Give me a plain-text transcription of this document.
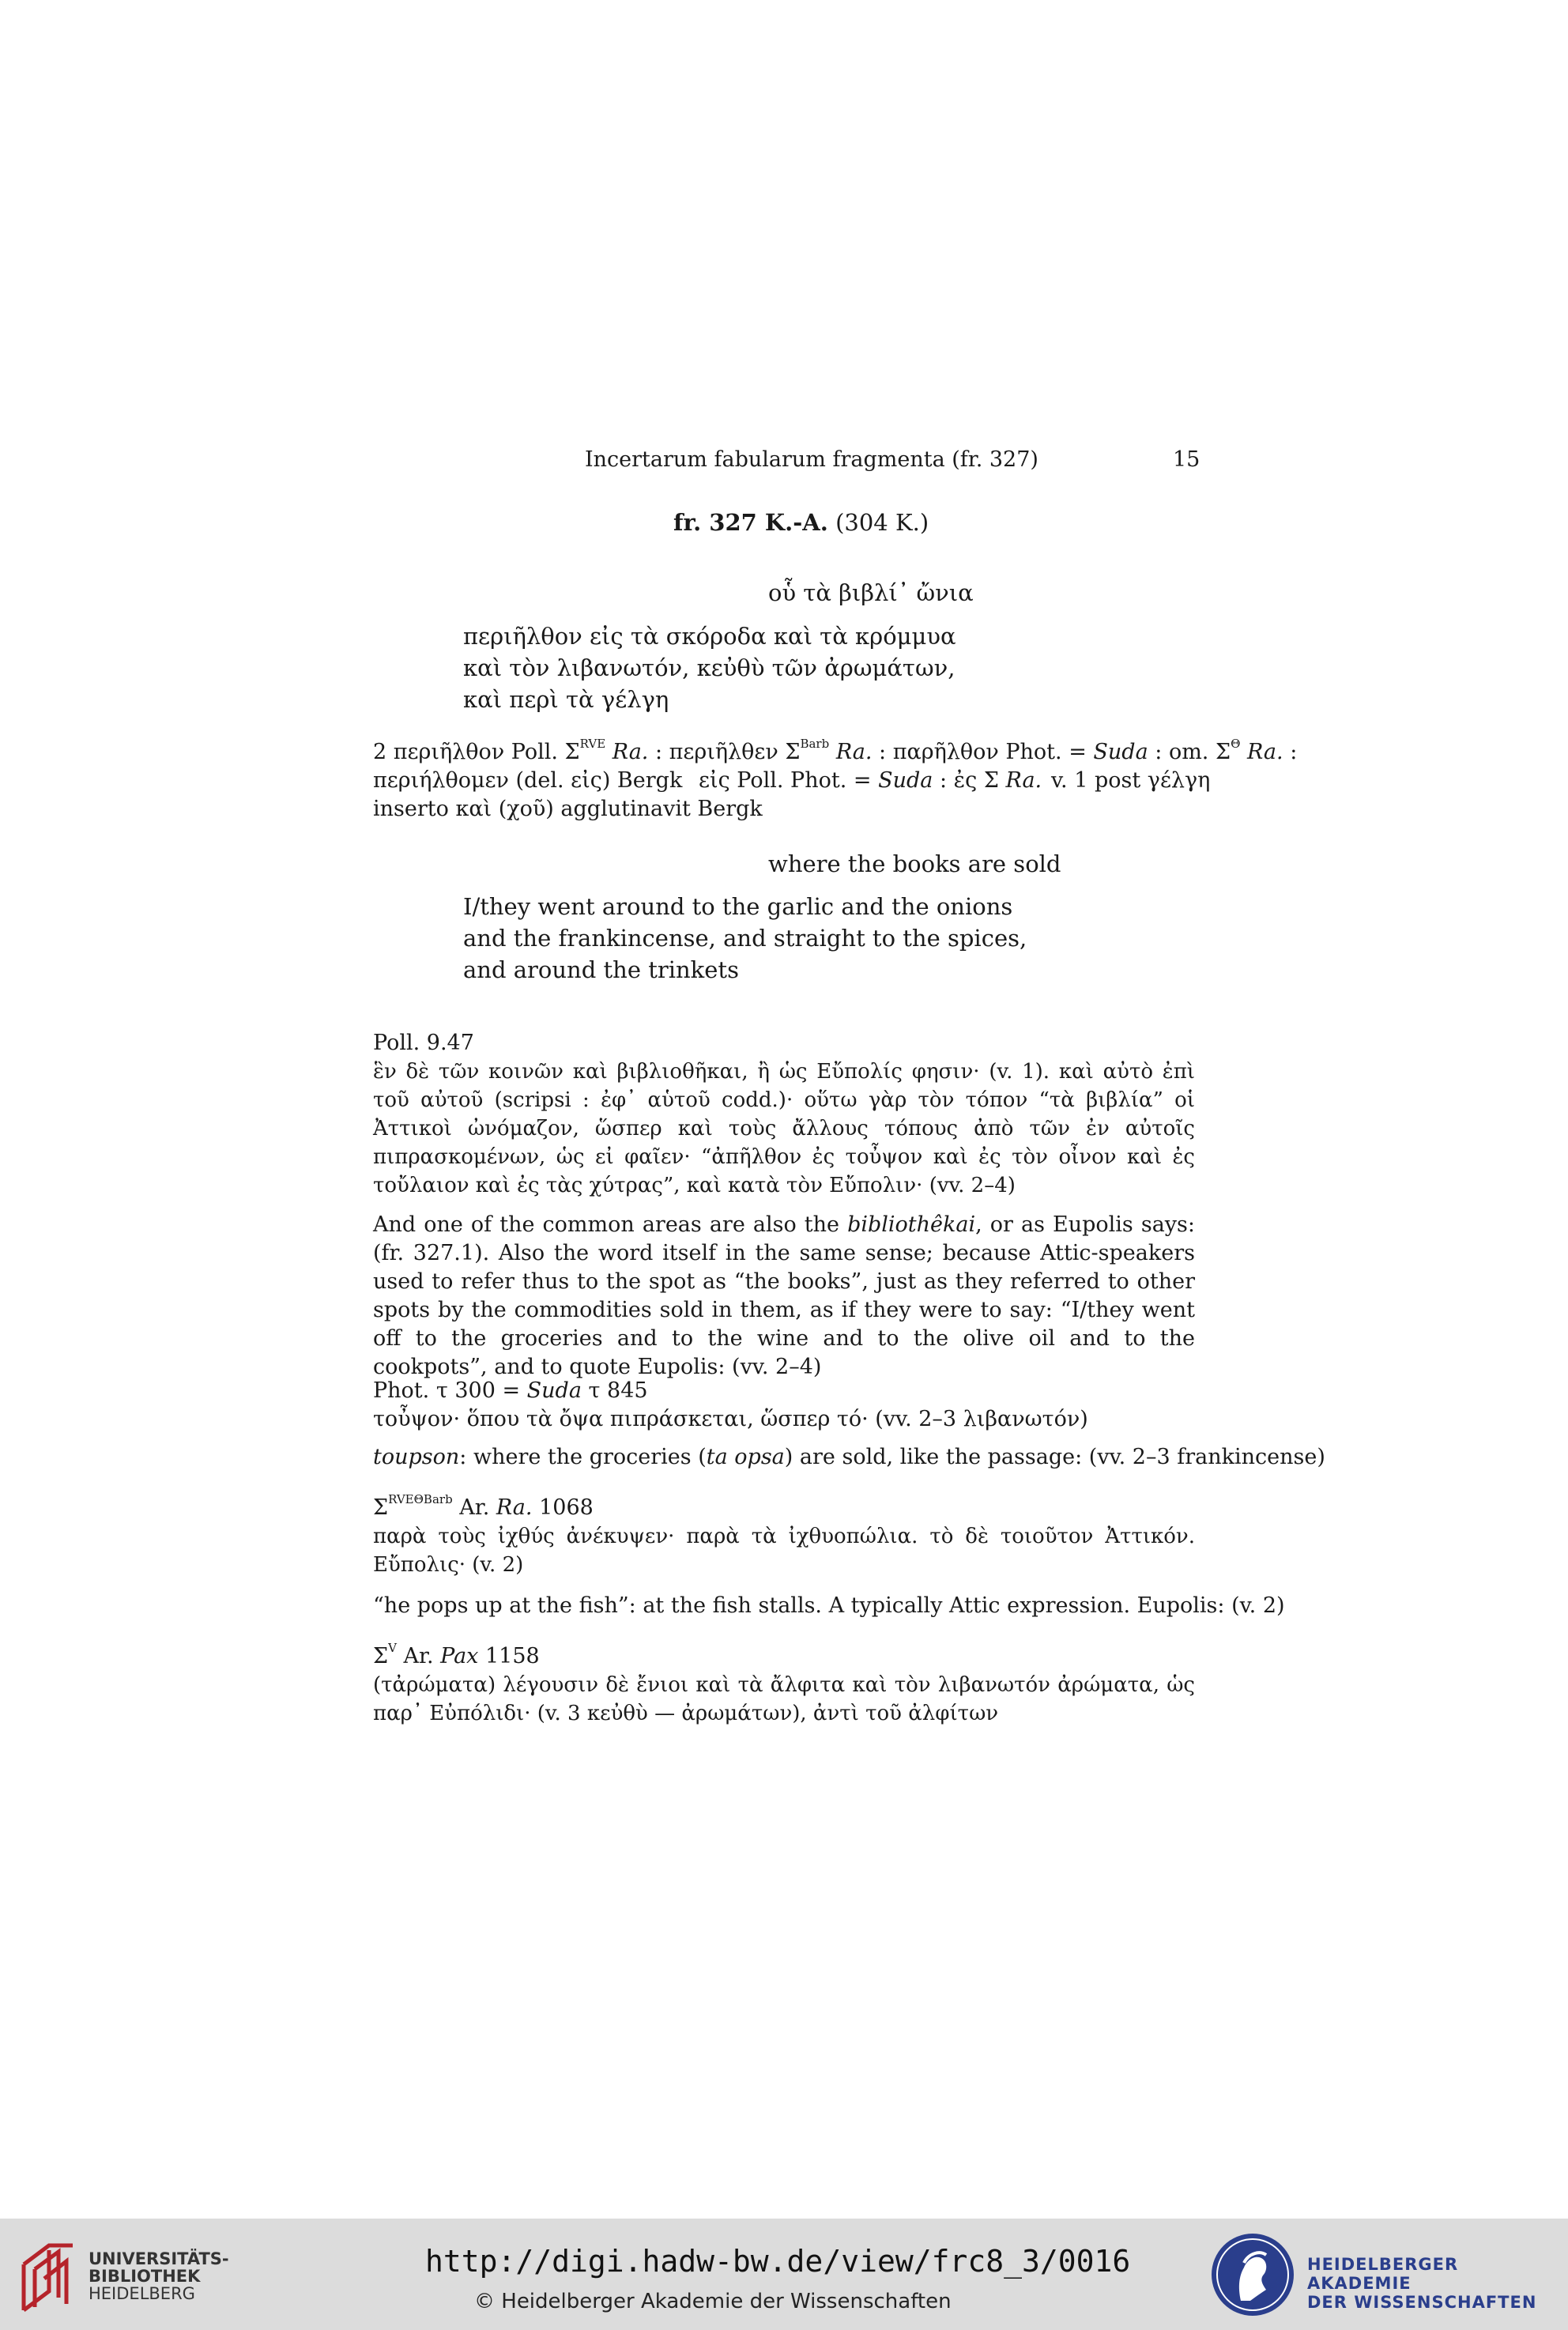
Incertarum fabularum fragmenta (fr. 327)	15
fr. 327 K.-A. (304 K.)
οὗ τὰ βιβλί᾽ ὤνια
περιῆλθον εἰς τὰ σκόροδα καὶ τὰ κρόμμυα
καὶ τὸν λιβανωτόν, κεὐθὺ τῶν ἀρωμάτων,
καὶ περὶ τὰ γέλγη
2 περιῆλθον Poll. $\Sigma^{RVE}$ Ra. : περιῆλθεν $\Sigma^{Barb}$ Ra. : παρῆλθον Phot. = Suda : om. $\Sigma^\Theta$ Ra. :
περιήλθομεν (del. εἰς) Bergk εἰς Poll. Phot. = Suda : ἐς Σ Ra. v. 1 post γέλγη
inserto καὶ (χοῦ) agglutinavit Bergk
where the books are sold
I/they went around to the garlic and the onions
and the frankincense, and straight to the spices,
and around the trinkets
Poll. 9.47
ἓν δὲ τῶν κοινῶν καὶ βιβλιοθῆκαι, ἢ ὡς Εὔπολίς φησιν· (v. 1). καὶ αὐτὸ ἐπὶ τοῦ αὐτοῦ (scripsi : ἐφ᾽ αὑτοῦ codd.)· οὕτω γὰρ τὸν τόπον “τὰ βιβλία” οἱ Ἀττικοὶ ὠνόμαζον, ὥσπερ καὶ τοὺς ἄλλους τόπους ἀπὸ τῶν ἐν αὐτοῖς πιπρασκομένων, ὡς εἰ φαῖεν· “ἀπῆλθον ἐς τοὖψον καὶ ἐς τὸν οἶνον καὶ ἐς τοὔλαιον καὶ ἐς τὰς χύτρας”, καὶ κατὰ τὸν Εὔπολιν· (vv. 2–4)
And one of the common areas are also the bibliothêkai, or as Eupolis says: (fr. 327.1). Also the word itself in the same sense; because Attic-speakers used to refer thus to the spot as “the books”, just as they referred to other spots by the commodities sold in them, as if they were to say: “I/they went off to the groceries and to the wine and to the olive oil and to the cookpots”, and to quote Eupolis: (vv. 2–4)
Phot. τ 300 = Suda τ 845
τοὖψον· ὅπου τὰ ὄψα πιπράσκεται, ὥσπερ τό· (vv. 2–3 λιβανωτόν)
toupson: where the groceries (ta opsa) are sold, like the passage: (vv. 2–3 frankincense)
$\Sigma^{RVE\Theta Barb}$ Ar. Ra. 1068
παρὰ τοὺς ἰχθύς ἀνέκυψεν· παρὰ τὰ ἰχθυοπώλια. τὸ δὲ τοιοῦτον Ἀττικόν. Εὔπολις· (v. 2)
“he pops up at the fish”: at the fish stalls. A typically Attic expression. Eupolis: (v. 2)
$\Sigma^V$ Ar. Pax 1158
(τἀρώματα) λέγουσιν δὲ ἔνιοι καὶ τὰ ἄλφιτα καὶ τὸν λιβανωτόν ἀρώματα, ὡς παρ᾽ Εὐπόλιδι· (v. 3 κεὐθὺ — ἀρωμάτων), ἀντὶ τοῦ ἀλφίτων
UNIVERSITÄTS-
BIBLIOTHEK
HEIDELBERG
http://digi.hadw-bw.de/view/frc8_3/0016
© Heidelberger Akademie der Wissenschaften
HEIDELBERGER AKADEMIE
DER WISSENSCHAFTEN
